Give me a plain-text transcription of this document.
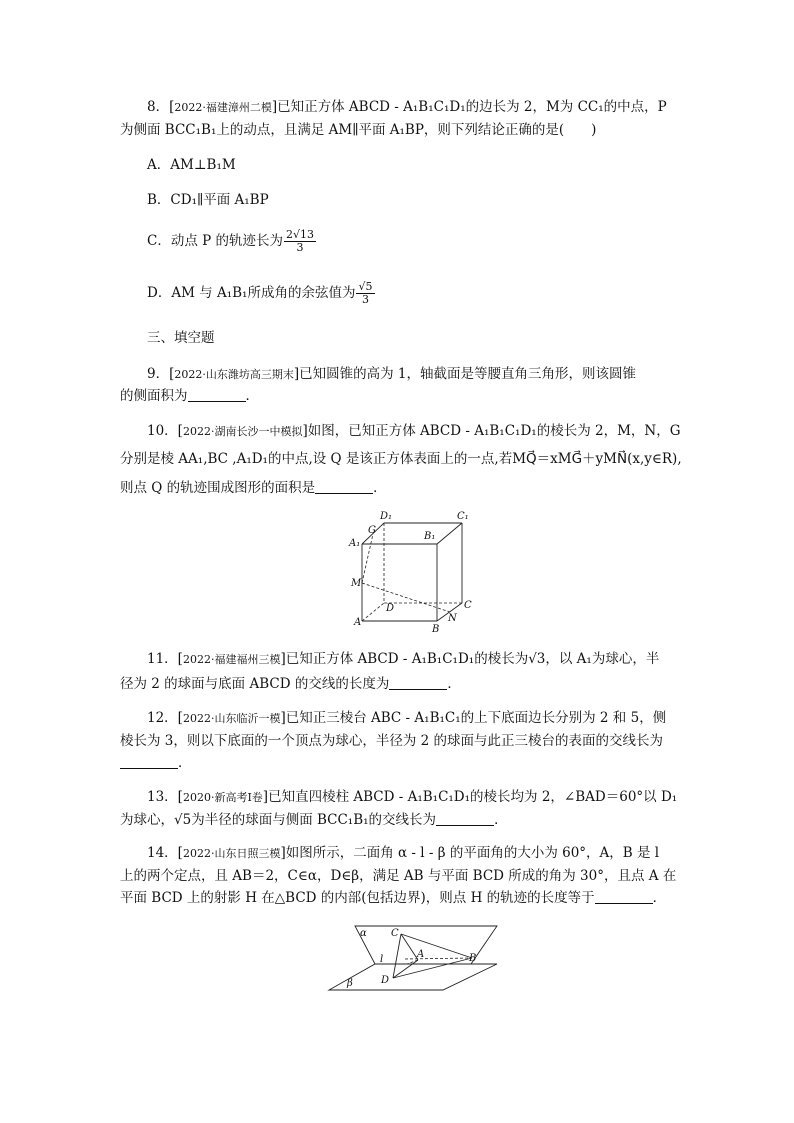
8．[2022·福建漳州二模]已知正方体 ABCD - A₁B₁C₁D₁的边长为 2，M为 CC₁的中点，P
为侧面 BCC₁B₁上的动点，且满足 AM∥平面 A₁BP，则下列结论正确的是(　　)
A．AM⊥B₁M
B．CD₁∥平面 A₁BP
C．动点 P 的轨迹长为 $\frac{2√13}{3}$
D．AM 与 A₁B₁所成角的余弦值为 $\frac{√5}{3}$
三、填空题
9．[2022·山东潍坊高三期末]已知圆锥的高为 1，轴截面是等腰直角三角形，则该圆锥
的侧面积为	．
10．[2022·湖南长沙一中模拟]如图，已知正方体 ABCD - A₁B₁C₁D₁的棱长为 2，M，N，G
分别是棱 AA₁,BC ,A₁D₁的中点,设 Q 是该正方体表面上的一点,若MQ⃗＝xMG⃗＋yMN⃗(x,y∈R),
则点 Q 的轨迹围成图形的面积是	．
D₁	C₁
G
A₁
B₁
M
D	C
A	N
B
11．[2022·福建福州三模]已知正方体 ABCD - A₁B₁C₁D₁的棱长为√3，以 A₁为球心，半
径为 2 的球面与底面 ABCD 的交线的长度为	．
12．[2022·山东临沂一模]已知正三棱台 ABC - A₁B₁C₁的上下底面边长分别为 2 和 5，侧
棱长为 3，则以下底面的一个顶点为球心，半径为 2 的球面与此正三棱台的表面的交线长为
．
13．[2020·新高考Ⅰ卷]已知直四棱柱 ABCD - A₁B₁C₁D₁的棱长均为 2，∠BAD＝60°以 D₁
为球心，√5为半径的球面与侧面 BCC₁B₁的交线长为	．
14．[2022·山东日照三模]如图所示，二面角 α - l - β 的平面角的大小为 60°，A，B 是 l
上的两个定点，且 AB＝2，C∈α，D∈β，满足 AB 与平面 BCD 所成的角为 30°，且点 A 在
平面 BCD 上的射影 H 在△BCD 的内部(包括边界)，则点 H 的轨迹的长度等于	．
α C
l	A	B
D
β
